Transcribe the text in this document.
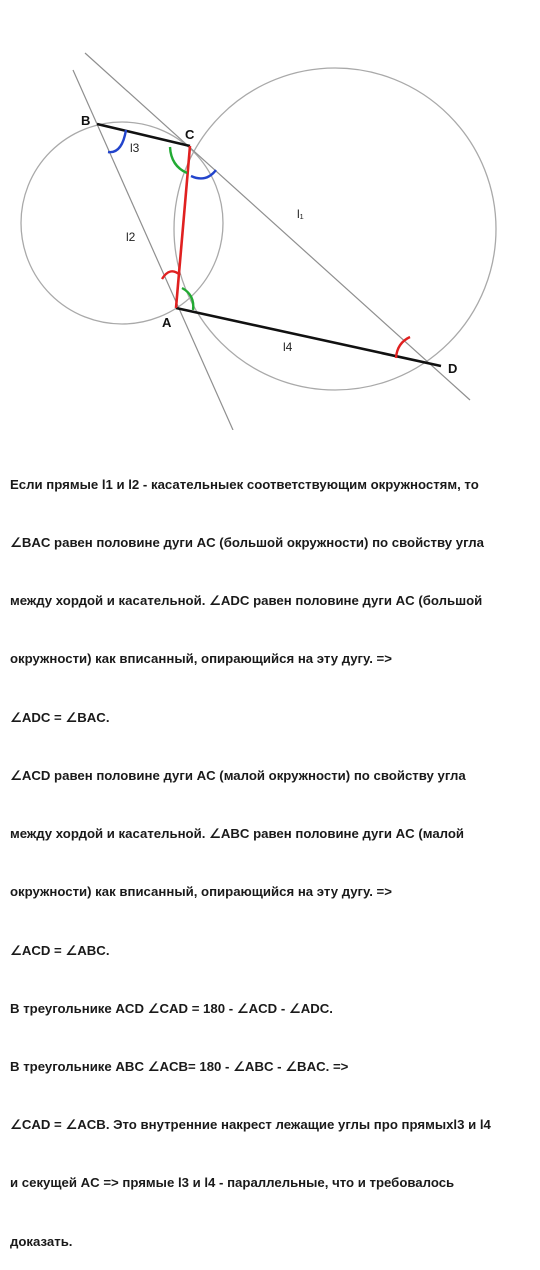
B
C
A
D
l3
l₁
l2
l4

Если прямые l1 и l2 - касательныек соответствующим окружностям, то

∠BAC равен половине дуги AC (большой окружности) по свойству угла

между хордой и касательной. ∠ADC равен половине дуги AC (большой

окружности) как вписанный, опирающийся на эту дугу. =>

∠ADC = ∠BAC.

∠ACD равен половине дуги AC (малой окружности) по свойству угла

между хордой и касательной. ∠ABC равен половине дуги AC (малой

окружности) как вписанный, опирающийся на эту дугу. =>

∠ACD = ∠ABC.

В треугольнике ACD ∠CAD = 180 - ∠ACD - ∠ADC.

В треугольнике ABC ∠ACB= 180 - ∠ABC - ∠BAC. =>

∠CAD = ∠ACB. Это внутренние накрест лежащие углы про прямыхl3 и l4

и секущей AC => прямые l3 и l4 - параллельные, что и требовалось

доказать.
